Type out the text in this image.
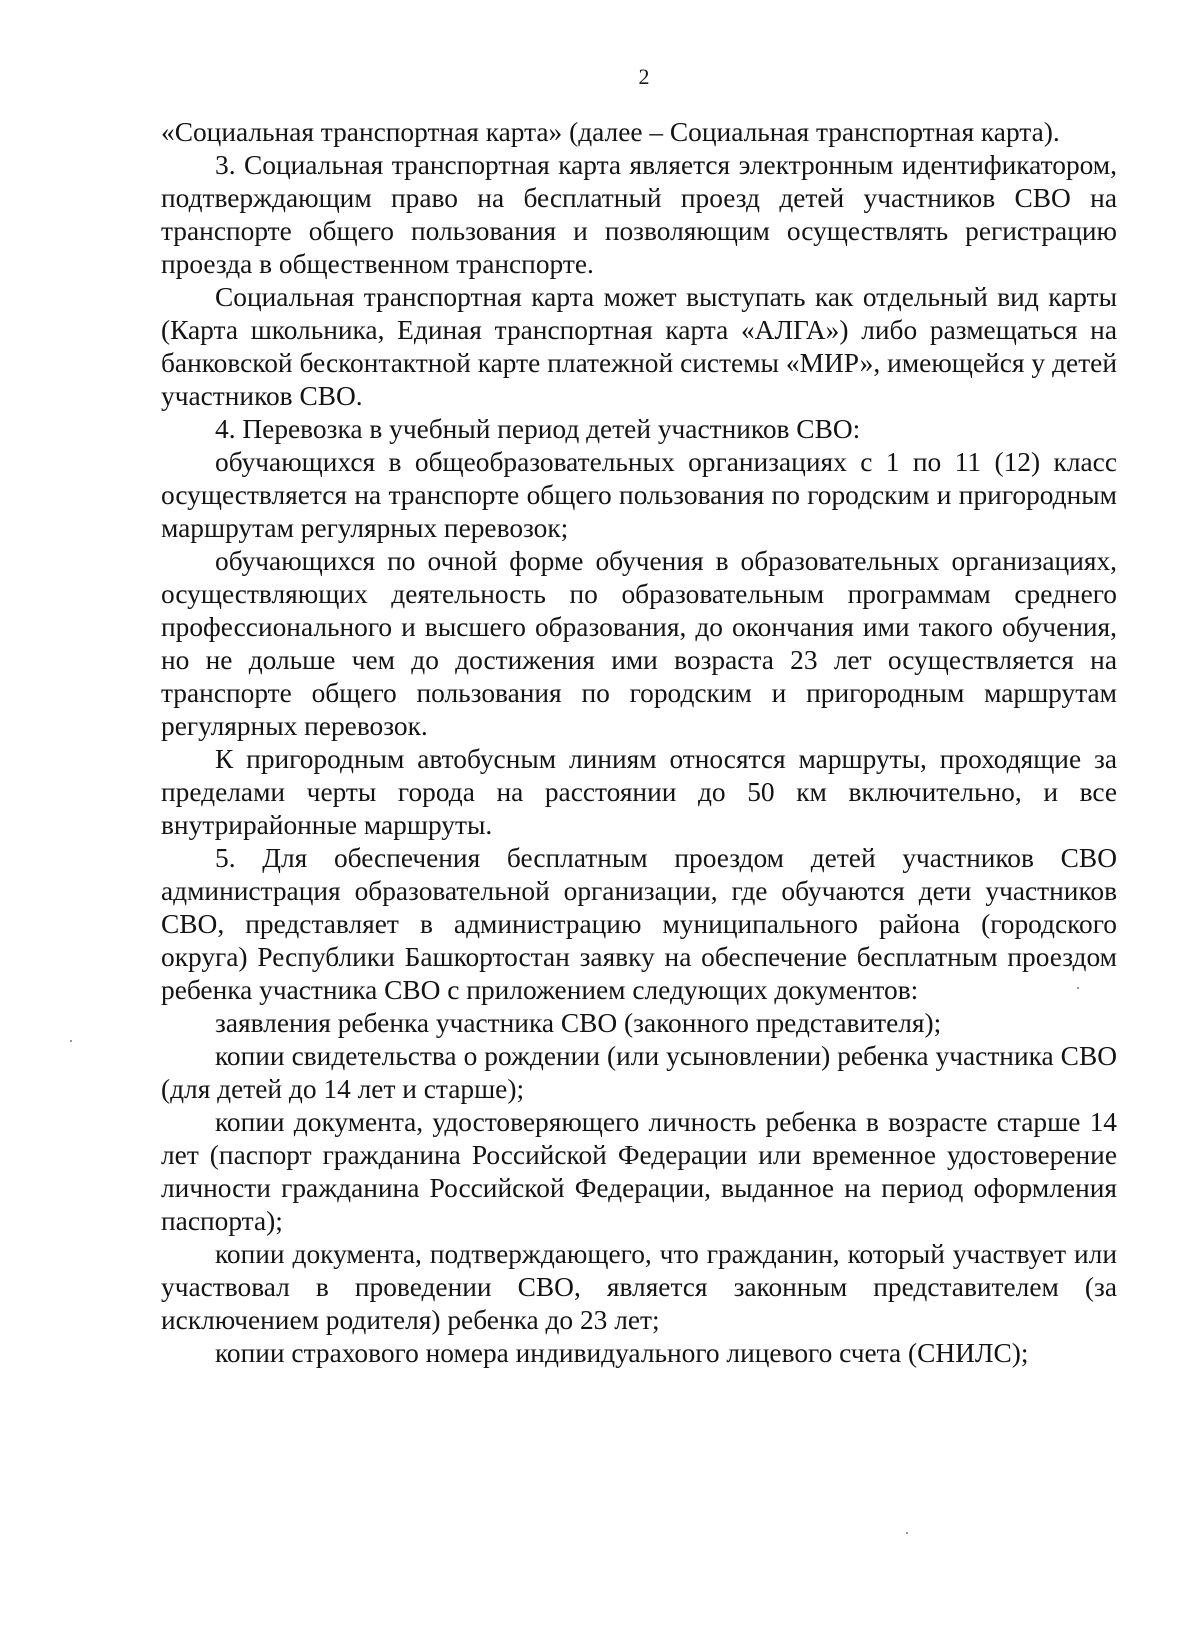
2

«Социальная транспортная карта» (далее – Социальная транспортная карта).

3. Социальная транспортная карта является электронным идентификатором, подтверждающим право на бесплатный проезд детей участников СВО на транспорте общего пользования и позволяющим осуществлять регистрацию проезда в общественном транспорте.

Социальная транспортная карта может выступать как отдельный вид карты (Карта школьника, Единая транспортная карта «АЛГА») либо размещаться на банковской бесконтактной карте платежной системы «МИР», имеющейся у детей участников СВО.

4. Перевозка в учебный период детей участников СВО:

обучающихся в общеобразовательных организациях с 1 по 11 (12) класс осуществляется на транспорте общего пользования по городским и пригородным маршрутам регулярных перевозок;

обучающихся по очной форме обучения в образовательных организациях, осуществляющих деятельность по образовательным программам среднего профессионального и высшего образования, до окончания ими такого обучения, но не дольше чем до достижения ими возраста 23 лет осуществляется на транспорте общего пользования по городским и пригородным маршрутам регулярных перевозок.

К пригородным автобусным линиям относятся маршруты, проходящие за пределами черты города на расстоянии до 50 км включительно, и все внутрирайонные маршруты.

5. Для обеспечения бесплатным проездом детей участников СВО администрация образовательной организации, где обучаются дети участников СВО, представляет в администрацию муниципального района (городского округа) Республики Башкортостан заявку на обеспечение бесплатным проездом ребенка участника СВО с приложением следующих документов:

заявления ребенка участника СВО (законного представителя);

копии свидетельства о рождении (или усыновлении) ребенка участника СВО (для детей до 14 лет и старше);

копии документа, удостоверяющего личность ребенка в возрасте старше 14 лет (паспорт гражданина Российской Федерации или временное удостоверение личности гражданина Российской Федерации, выданное на период оформления паспорта);

копии документа, подтверждающего, что гражданин, который участвует или участвовал в проведении СВО, является законным представителем (за исключением родителя) ребенка до 23 лет;

копии страхового номера индивидуального лицевого счета (СНИЛС);
